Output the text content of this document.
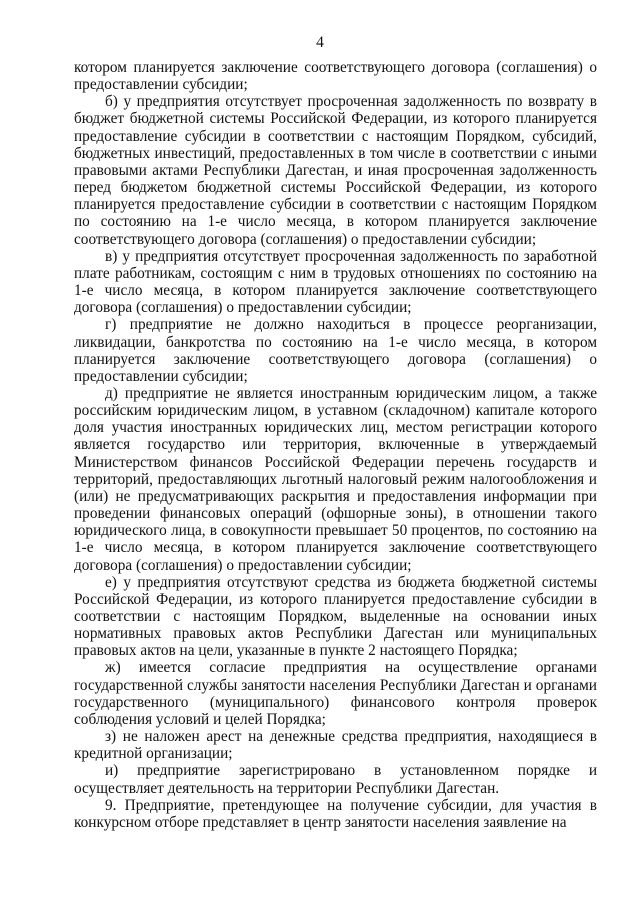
4

котором планируется заключение соответствующего договора (соглашения) о предоставлении субсидии;

б) у предприятия отсутствует просроченная задолженность по возврату в бюджет бюджетной системы Российской Федерации, из которого планируется предоставление субсидии в соответствии с настоящим Порядком, субсидий, бюджетных инвестиций, предоставленных в том числе в соответствии с иными правовыми актами Республики Дагестан, и иная просроченная задолженность перед бюджетом бюджетной системы Российской Федерации, из которого планируется предоставление субсидии в соответствии с настоящим Порядком по состоянию на 1-е число месяца, в котором планируется заключение соответствующего договора (соглашения) о предоставлении субсидии;

в) у предприятия отсутствует просроченная задолженность по заработной плате работникам, состоящим с ним в трудовых отношениях по состоянию на 1-е число месяца, в котором планируется заключение соответствующего договора (соглашения) о предоставлении субсидии;

г) предприятие не должно находиться в процессе реорганизации, ликвидации, банкротства по состоянию на 1-е число месяца, в котором планируется заключение соответствующего договора (соглашения) о предоставлении субсидии;

д) предприятие не является иностранным юридическим лицом, а также российским юридическим лицом, в уставном (складочном) капитале которого доля участия иностранных юридических лиц, местом регистрации которого является государство или территория, включенные в утверждаемый Министерством финансов Российской Федерации перечень государств и территорий, предоставляющих льготный налоговый режим налогообложения и (или) не предусматривающих раскрытия и предоставления информации при проведении финансовых операций (офшорные зоны), в отношении такого юридического лица, в совокупности превышает 50 процентов, по состоянию на 1-е число месяца, в котором планируется заключение соответствующего договора (соглашения) о предоставлении субсидии;

е) у предприятия отсутствуют средства из бюджета бюджетной системы Российской Федерации, из которого планируется предоставление субсидии в соответствии с настоящим Порядком, выделенные на основании иных нормативных правовых актов Республики Дагестан или муниципальных правовых актов на цели, указанные в пункте 2 настоящего Порядка;

ж) имеется согласие предприятия на осуществление органами государственной службы занятости населения Республики Дагестан и органами государственного (муниципального) финансового контроля проверок соблюдения условий и целей Порядка;

з) не наложен арест на денежные средства предприятия, находящиеся в кредитной организации;

и) предприятие зарегистрировано в установленном порядке и осуществляет деятельность на территории Республики Дагестан.

9. Предприятие, претендующее на получение субсидии, для участия в конкурсном отборе представляет в центр занятости населения заявление на
